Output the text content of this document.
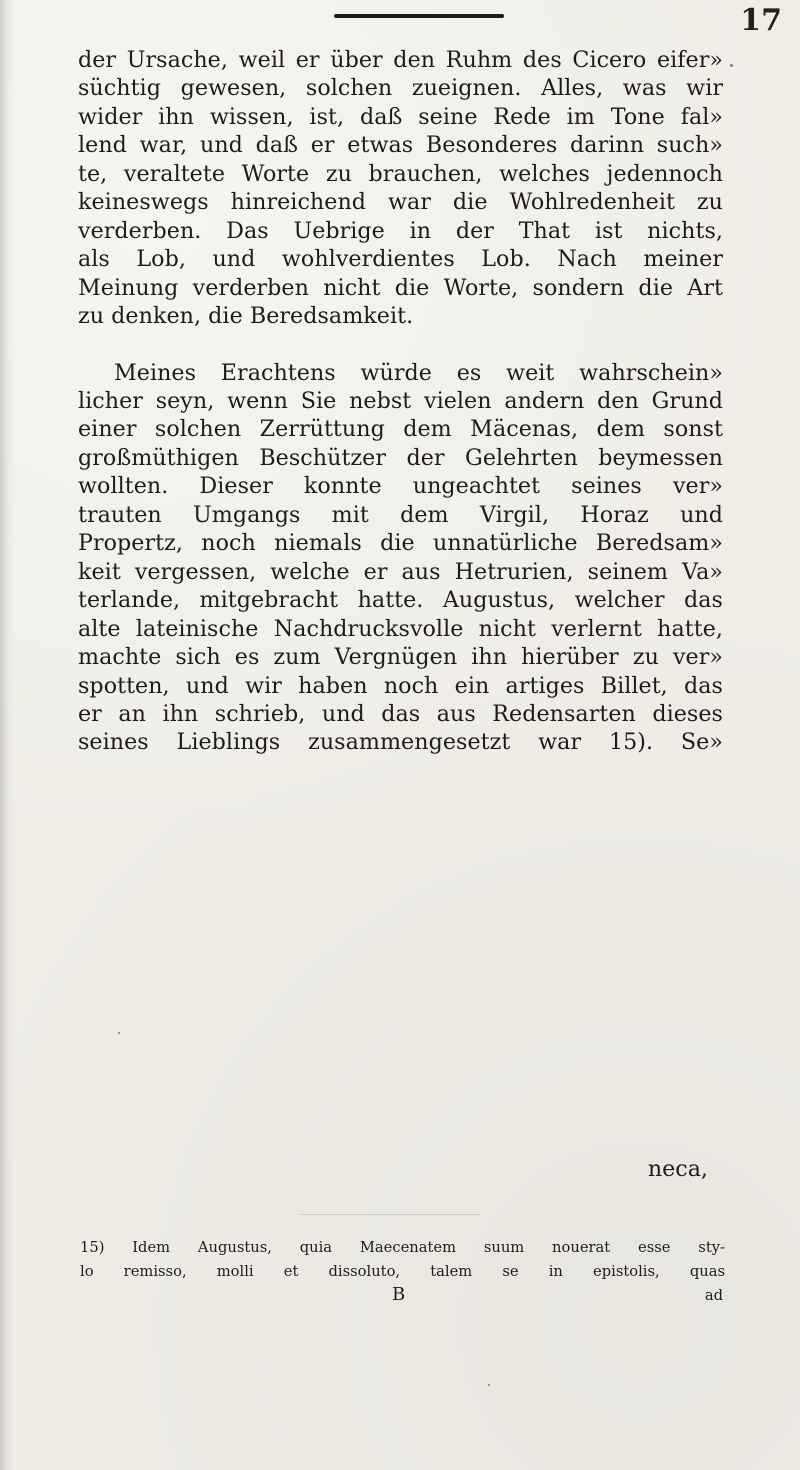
17
der Ursache, weil er über den Ruhm des Cicero eifer»
süchtig gewesen, solchen zueignen. Alles, was wir
wider ihn wissen, ist, daß seine Rede im Tone fal»
lend war, und daß er etwas Besonderes darinn such»
te, veraltete Worte zu brauchen, welches jedennoch
keineswegs hinreichend war die Wohlredenheit zu
verderben. Das Uebrige in der That ist nichts,
als Lob, und wohlverdientes Lob. Nach meiner
Meinung verderben nicht die Worte, sondern die Art
zu denken, die Beredsamkeit.
Meines Erachtens würde es weit wahrschein»
licher seyn, wenn Sie nebst vielen andern den Grund
einer solchen Zerrüttung dem Mäcenas, dem sonst
großmüthigen Beschützer der Gelehrten beymessen
wollten. Dieser konnte ungeachtet seines ver»
trauten Umgangs mit dem Virgil, Horaz und
Propertz, noch niemals die unnatürliche Beredsam»
keit vergessen, welche er aus Hetrurien, seinem Va»
terlande, mitgebracht hatte. Augustus, welcher das
alte lateinische Nachdrucksvolle nicht verlernt hatte,
machte sich es zum Vergnügen ihn hierüber zu ver»
spotten, und wir haben noch ein artiges Billet, das
er an ihn schrieb, und das aus Redensarten dieses
seines Lieblings zusammengesetzt war 15). Se»
neca,
15) Idem Augustus, quia Maecenatem suum nouerat esse sty-
lo remisso, molli et dissoluto, talem se in epistolis, quas
B	ad
